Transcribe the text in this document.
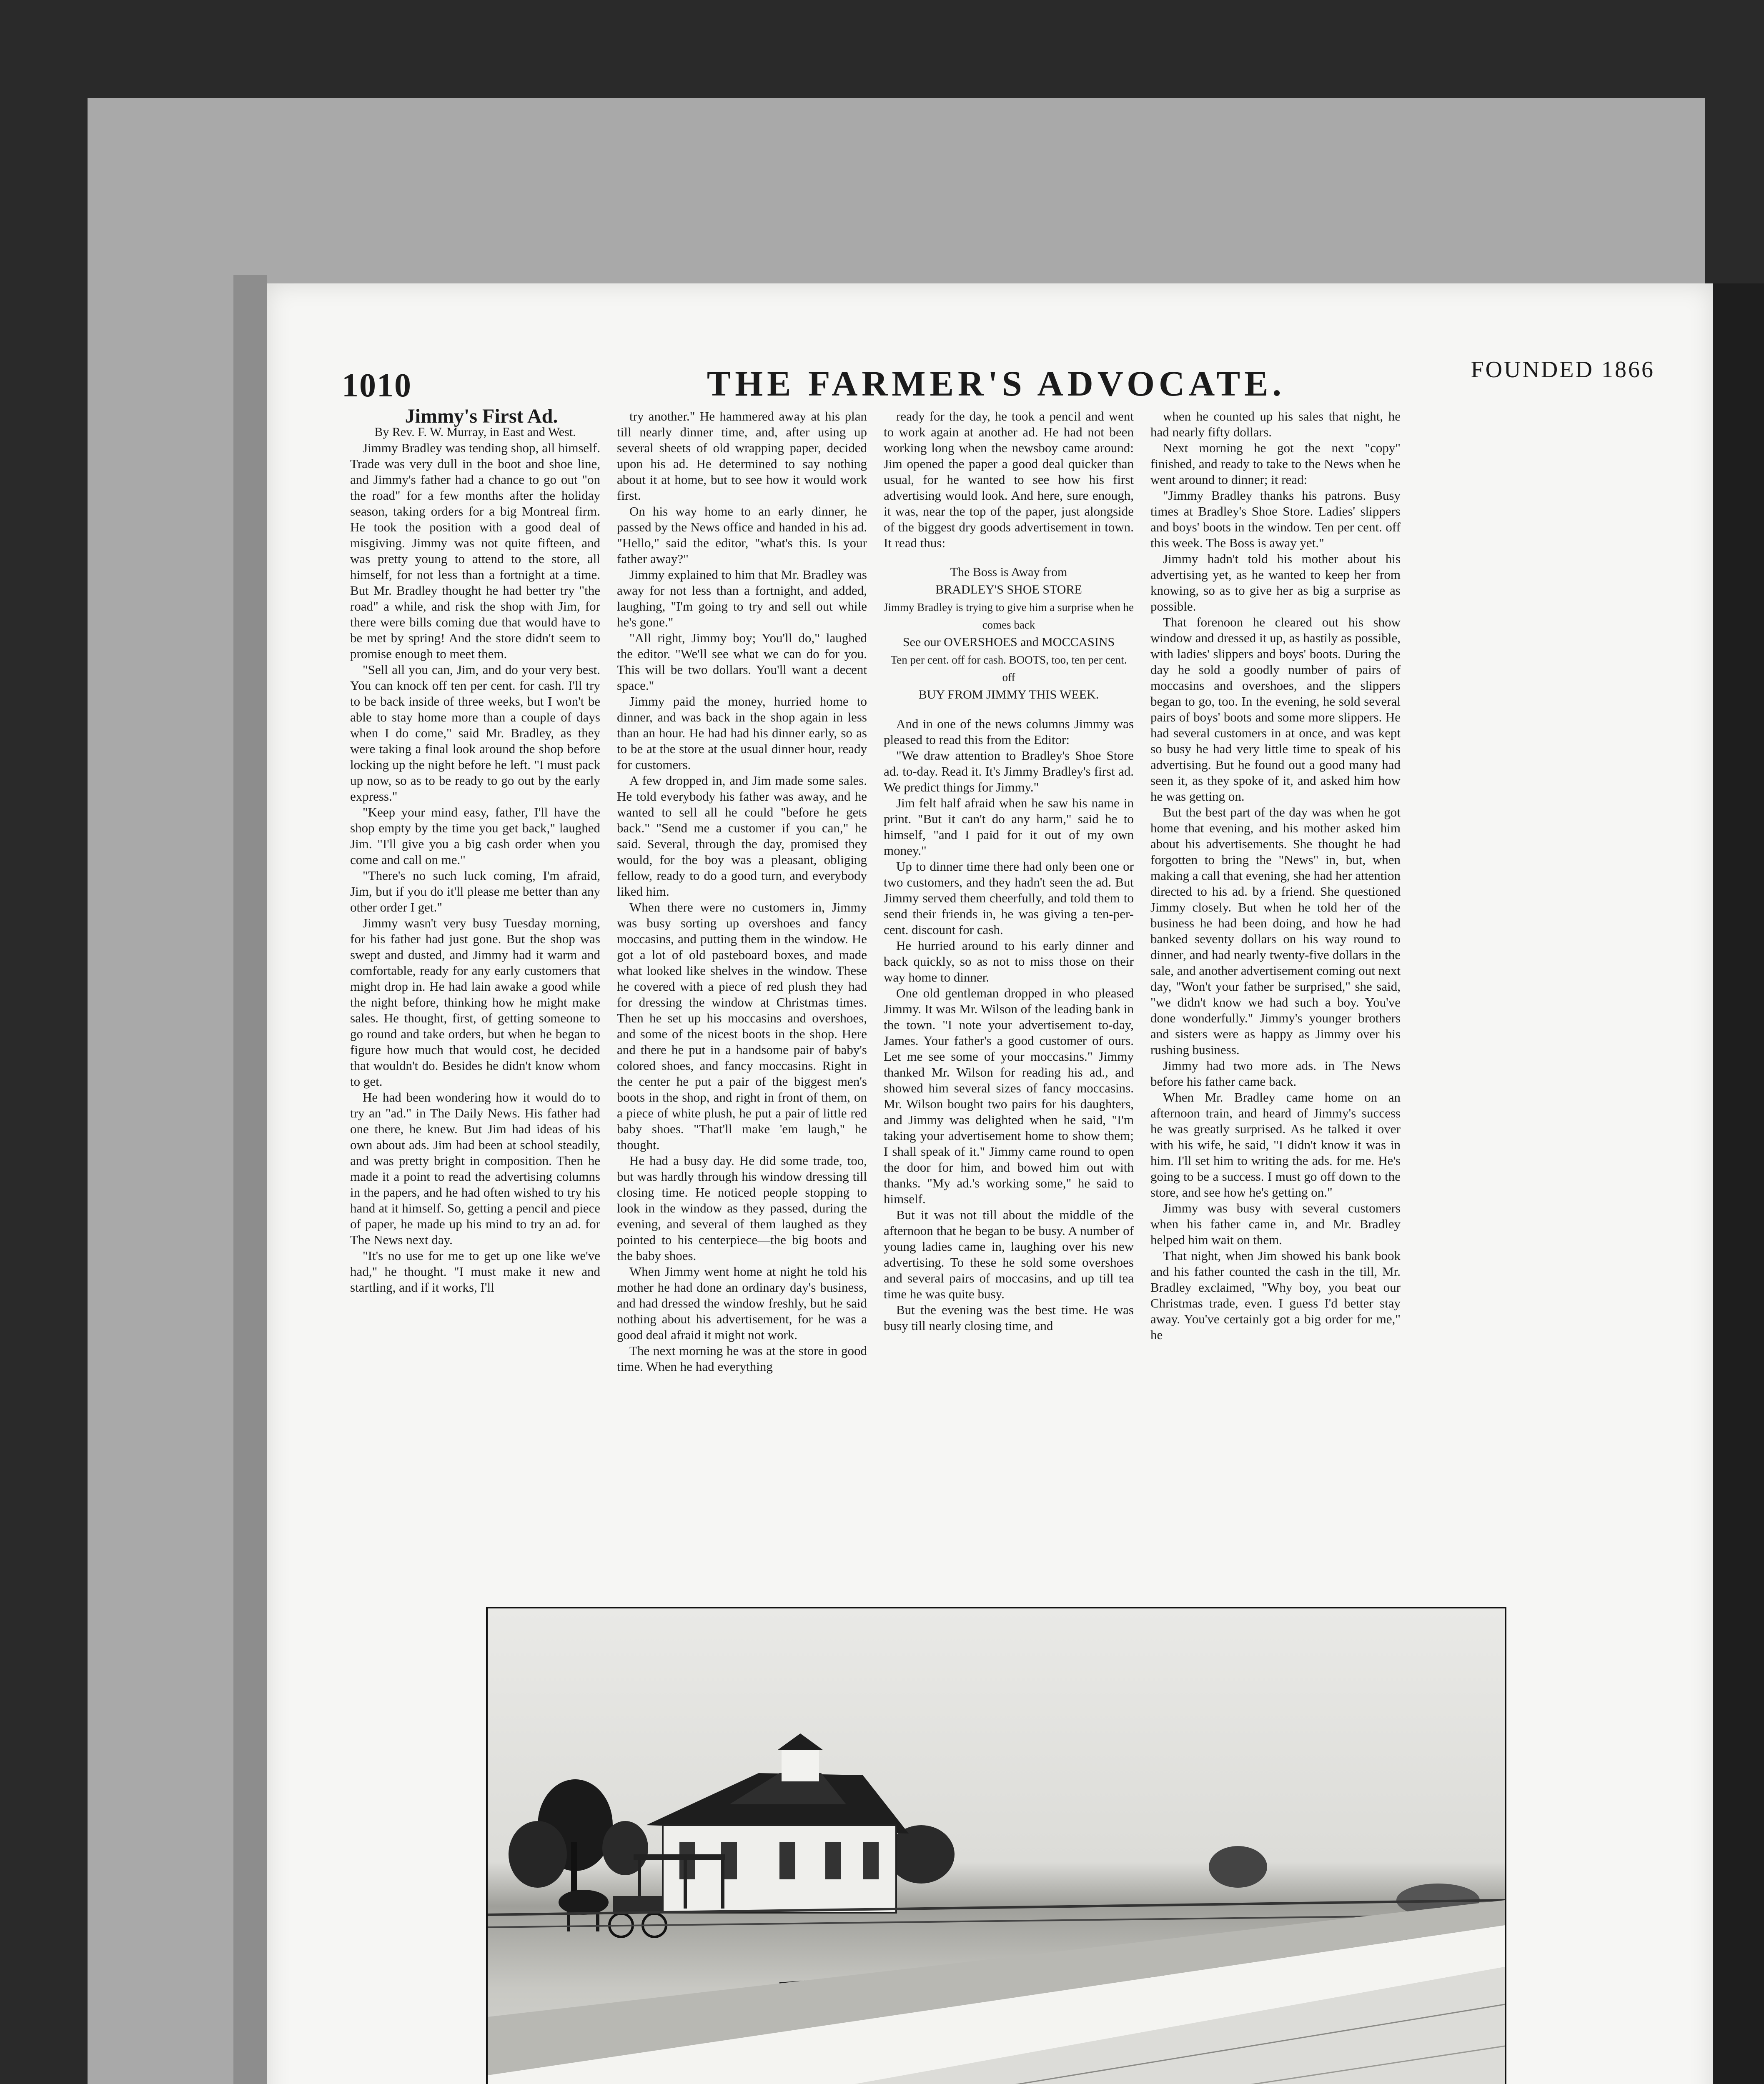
1010	THE FARMER'S ADVOCATE.	FOUNDED 1866

Jimmy's First Ad.

By Rev. F. W. Murray, in East and West.

Jimmy Bradley was tending shop, all himself. Trade was very dull in the boot and shoe line, and Jimmy's father had a chance to go out "on the road" for a few months after the holiday season, taking orders for a big Montreal firm. He took the position with a good deal of misgiving. Jimmy was not quite fifteen, and was pretty young to attend to the store, all himself, for not less than a fortnight at a time. But Mr. Bradley thought he had better try "the road" a while, and risk the shop with Jim, for there were bills coming due that would have to be met by spring! And the store didn't seem to promise enough to meet them.

"Sell all you can, Jim, and do your very best. You can knock off ten per cent. for cash. I'll try to be back inside of three weeks, but I won't be able to stay home more than a couple of days when I do come," said Mr. Bradley, as they were taking a final look around the shop before locking up the night before he left. "I must pack up now, so as to be ready to go out by the early express."

"Keep your mind easy, father, I'll have the shop empty by the time you get back," laughed Jim. "I'll give you a big cash order when you come and call on me."

"There's no such luck coming, I'm afraid, Jim, but if you do it'll please me better than any other order I get."

Jimmy wasn't very busy Tuesday morning, for his father had just gone. But the shop was swept and dusted, and Jimmy had it warm and comfortable, ready for any early customers that might drop in. He had lain awake a good while the night before, thinking how he might make sales. He thought, first, of getting someone to go round and take orders, but when he began to figure how much that would cost, he decided that wouldn't do. Besides he didn't know whom to get.

He had been wondering how it would do to try an "ad." in The Daily News. His father had one there, he knew. But Jim had ideas of his own about ads. Jim had been at school steadily, and was pretty bright in composition. Then he made it a point to read the advertising columns in the papers, and he had often wished to try his hand at it himself. So, getting a pencil and piece of paper, he made up his mind to try an ad. for The News next day.

"It's no use for me to get up one like we've had," he thought. "I must make it new and startling, and if it works, I'll

try another." He hammered away at his plan till nearly dinner time, and, after using up several sheets of old wrapping paper, decided upon his ad. He determined to say nothing about it at home, but to see how it would work first.

On his way home to an early dinner, he passed by the News office and handed in his ad. "Hello," said the editor, "what's this. Is your father away?"

Jimmy explained to him that Mr. Bradley was away for not less than a fortnight, and added, laughing, "I'm going to try and sell out while he's gone."

"All right, Jimmy boy; You'll do," laughed the editor. "We'll see what we can do for you. This will be two dollars. You'll want a decent space."

Jimmy paid the money, hurried home to dinner, and was back in the shop again in less than an hour. He had had his dinner early, so as to be at the store at the usual dinner hour, ready for customers.

A few dropped in, and Jim made some sales. He told everybody his father was away, and he wanted to sell all he could "before he gets back." "Send me a customer if you can," he said. Several, through the day, promised they would, for the boy was a pleasant, obliging fellow, ready to do a good turn, and everybody liked him.

When there were no customers in, Jimmy was busy sorting up overshoes and fancy moccasins, and putting them in the window. He got a lot of old pasteboard boxes, and made what looked like shelves in the window. These he covered with a piece of red plush they had for dressing the window at Christmas times. Then he set up his moccasins and overshoes, and some of the nicest boots in the shop. Here and there he put in a handsome pair of baby's colored shoes, and fancy moccasins. Right in the center he put a pair of the biggest men's boots in the shop, and right in front of them, on a piece of white plush, he put a pair of little red baby shoes. "That'll make 'em laugh," he thought.

He had a busy day. He did some trade, too, but was hardly through his window dressing till closing time. He noticed people stopping to look in the window as they passed, during the evening, and several of them laughed as they pointed to his centerpiece—the big boots and the baby shoes.

When Jimmy went home at night he told his mother he had done an ordinary day's business, and had dressed the window freshly, but he said nothing about his advertisement, for he was a good deal afraid it might not work.

The next morning he was at the store in good time. When he had everything

ready for the day, he took a pencil and went to work again at another ad. He had not been working long when the newsboy came around: Jim opened the paper a good deal quicker than usual, for he wanted to see how his first advertising would look. And here, sure enough, it was, near the top of the paper, just alongside of the biggest dry goods advertisement in town. It read thus:

The Boss is Away from
BRADLEY'S SHOE STORE
Jimmy Bradley is trying to give him a surprise when he comes back
See our OVERSHOES and MOCCASINS
Ten per cent. off for cash. BOOTS, too, ten per cent. off
BUY FROM JIMMY THIS WEEK.

And in one of the news columns Jimmy was pleased to read this from the Editor:

"We draw attention to Bradley's Shoe Store ad. to-day. Read it. It's Jimmy Bradley's first ad. We predict things for Jimmy."

Jim felt half afraid when he saw his name in print. "But it can't do any harm," said he to himself, "and I paid for it out of my own money."

Up to dinner time there had only been one or two customers, and they hadn't seen the ad. But Jimmy served them cheerfully, and told them to send their friends in, he was giving a ten-per-cent. discount for cash.

He hurried around to his early dinner and back quickly, so as not to miss those on their way home to dinner.

One old gentleman dropped in who pleased Jimmy. It was Mr. Wilson of the leading bank in the town. "I note your advertisement to-day, James. Your father's a good customer of ours. Let me see some of your moccasins." Jimmy thanked Mr. Wilson for reading his ad., and showed him several sizes of fancy moccasins. Mr. Wilson bought two pairs for his daughters, and Jimmy was delighted when he said, "I'm taking your advertisement home to show them; I shall speak of it." Jimmy came round to open the door for him, and bowed him out with thanks. "My ad.'s working some," he said to himself.

But it was not till about the middle of the afternoon that he began to be busy. A number of young ladies came in, laughing over his new advertising. To these he sold some overshoes and several pairs of moccasins, and up till tea time he was quite busy.

But the evening was the best time. He was busy till nearly closing time, and

when he counted up his sales that night, he had nearly fifty dollars.

Next morning he got the next "copy" finished, and ready to take to the News when he went around to dinner; it read:

"Jimmy Bradley thanks his patrons. Busy times at Bradley's Shoe Store. Ladies' slippers and boys' boots in the window. Ten per cent. off this week. The Boss is away yet."

Jimmy hadn't told his mother about his advertising yet, as he wanted to keep her from knowing, so as to give her as big a surprise as possible.

That forenoon he cleared out his show window and dressed it up, as hastily as possible, with ladies' slippers and boys' boots. During the day he sold a goodly number of pairs of moccasins and overshoes, and the slippers began to go, too. In the evening, he sold several pairs of boys' boots and some more slippers. He had several customers in at once, and was kept so busy he had very little time to speak of his advertising. But he found out a good many had seen it, as they spoke of it, and asked him how he was getting on.

But the best part of the day was when he got home that evening, and his mother asked him about his advertisements. She thought he had forgotten to bring the "News" in, but, when making a call that evening, she had her attention directed to his ad. by a friend. She questioned Jimmy closely. But when he told her of the business he had been doing, and how he had banked seventy dollars on his way round to dinner, and had nearly twenty-five dollars in the sale, and another advertisement coming out next day, "Won't your father be surprised," she said, "we didn't know we had such a boy. You've done wonderfully." Jimmy's younger brothers and sisters were as happy as Jimmy over his rushing business.

Jimmy had two more ads. in The News before his father came back.

When Mr. Bradley came home on an afternoon train, and heard of Jimmy's success he was greatly surprised. As he talked it over with his wife, he said, "I didn't know it was in him. I'll set him to writing the ads. for me. He's going to be a success. I must go off down to the store, and see how he's getting on."

Jimmy was busy with several customers when his father came in, and Mr. Bradley helped him wait on them.

That night, when Jim showed his bank book and his father counted the cash in the till, Mr. Bradley exclaimed, "Why boy, you beat our Christmas trade, even. I guess I'd better stay away. You've certainly got a big order for me," he
